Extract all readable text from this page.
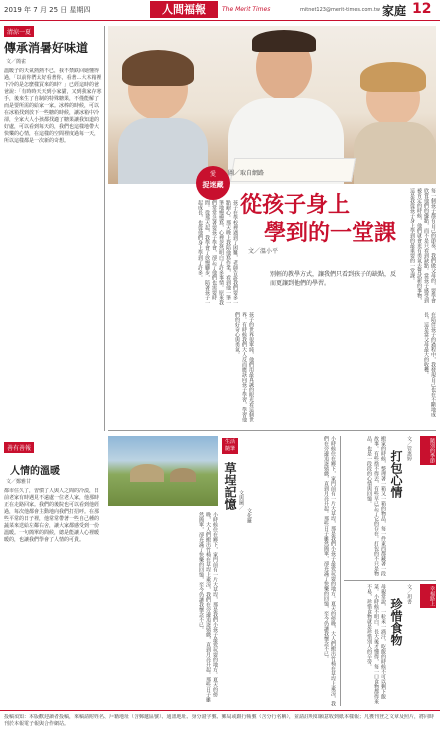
2019 年 7 月 25 日 星期四	人間福報	The Merit Times	mitnet123@merit-times.com.tw 家庭 12
清涼一夏
傳承消暑好味道
文／簡雀
溫暖子的天氣熱熱不已，我不禁跌回她懂得過，「以前你們太好看著你，看著…大木箱裡下冷的是怎麼樣買來的時？」已經這時的爸爸說：「有時時天天到小家貓，又到我家存寒手，後來生了自制的特殊糖果，不僅能解了而是要所需的給家一家。冰棒的時候，可以在冰箱找到放下一些糖的時候，讓冰箱中冷卻，全家大人小孩都找適了糖果讓我知道的好處，可以看到每天的，我們也這樣地帶大快樂的心情，在這樣的空間裡度過每一天，所以這樣都是一次新的奇想。
善有善報
人情的溫暖
文／鄭雅甘
都市住久了，習慣了人與人之間的冷漠，日前老家有時遇見不遠處一位老人家，他那時正在走路回家。我們的後院也可以看到他經過，每次他都會主動地向我們打招呼。在那些平常的日子裡，他常常帶著一些自己種的蔬菜來送給左鄰右舍，讓大家都感受到一份溫暖。一句簡單的問候，總是能讓人心裡暖暖的，也讓我們學會了人情的可貴。
圖／取自網路
愛
捉迷藏
從孩子身上
學到的一堂課
文／溫小平
別輕的教學方式，讓我們只看到孩子的缺點，反而更讓到他們的學習。
孩子在學校裡遇到了困難，老師告訴我們要多一點耐心。那天晚上我陪他寫作業，看到他一筆一筆地慢慢寫，心裡忽然明白了許多事情。原來我們常常急著要孩子學會，卻忘了他們也需要時間。從那天起，我學會了放慢腳步，陪著孩子一起成長，也從他們身上學到了許多。	每一個孩子都有自己的節奏，我們做父母的，要學會欣賞他們的優點，而不是只看到缺點。當孩子感受到被肯定的時候，他們就會更有勇氣去嘗試新的事物，這是我從孩子身上學到的最重要的一堂課。
孩子的世界很單純，他們用最真誠的眼光看這個世界。有時候我們大人反而應該向孩子學習，學習他們的好奇心與勇氣。	在陪伴孩子的過程中，我發現自己也在不斷地成長，這是當父母最大的收穫。
生活
隨筆
草埕記憶 文與圖／
文化籬
小時候住在鄉下，家門前有一片大草埕，那是我們小孩子最愛玩耍的地方。夏天的傍晚，大人們搬出竹椅在草埕上乘涼，我們在旁邊追逐嬉戲，直到月亮升起。那些日子雖然簡單，卻充滿了快樂的回憶，至今仍讓我懷念不已。	小時候住在鄉下，家門前有一片大草埕，那是我們小孩子最愛玩耍的地方。夏天的傍晚，大人們搬出竹椅在草埕上乘涼，我們在旁邊追逐嬉戲，直到月亮升起。那些日子雖然簡單，卻充滿了快樂的回憶，至今仍讓我懷念不已。	隨別的季節
文／管惠婷
打包心情
搬家的時候，整理著一箱又一箱的物品，每一件東西都藏著一段故事。有些捨不得丟，有些早已忘了它的存在。打包的不只是物品，也是一段段的心情與回憶。
幸福路上
文／玥書
珍惜食物
母親常說，一粒米一滴汗，吃飯的時候不可以剩下飯菜。小時候不明白，長大後才懂得，每一口食物都得來不易，珍惜食物就是珍惜別人的辛勞。
投稿須知：本版歡迎讀者投稿，來稿請附姓名、戶籍地址（含郵遞區號）、通訊地址、身分證字號、郵局或銀行帳號（含分行名稱），並請註明如願意收到紙本樣報；凡獲刊登之文章及照片，將同時刊於本報電子報與合作網站。
